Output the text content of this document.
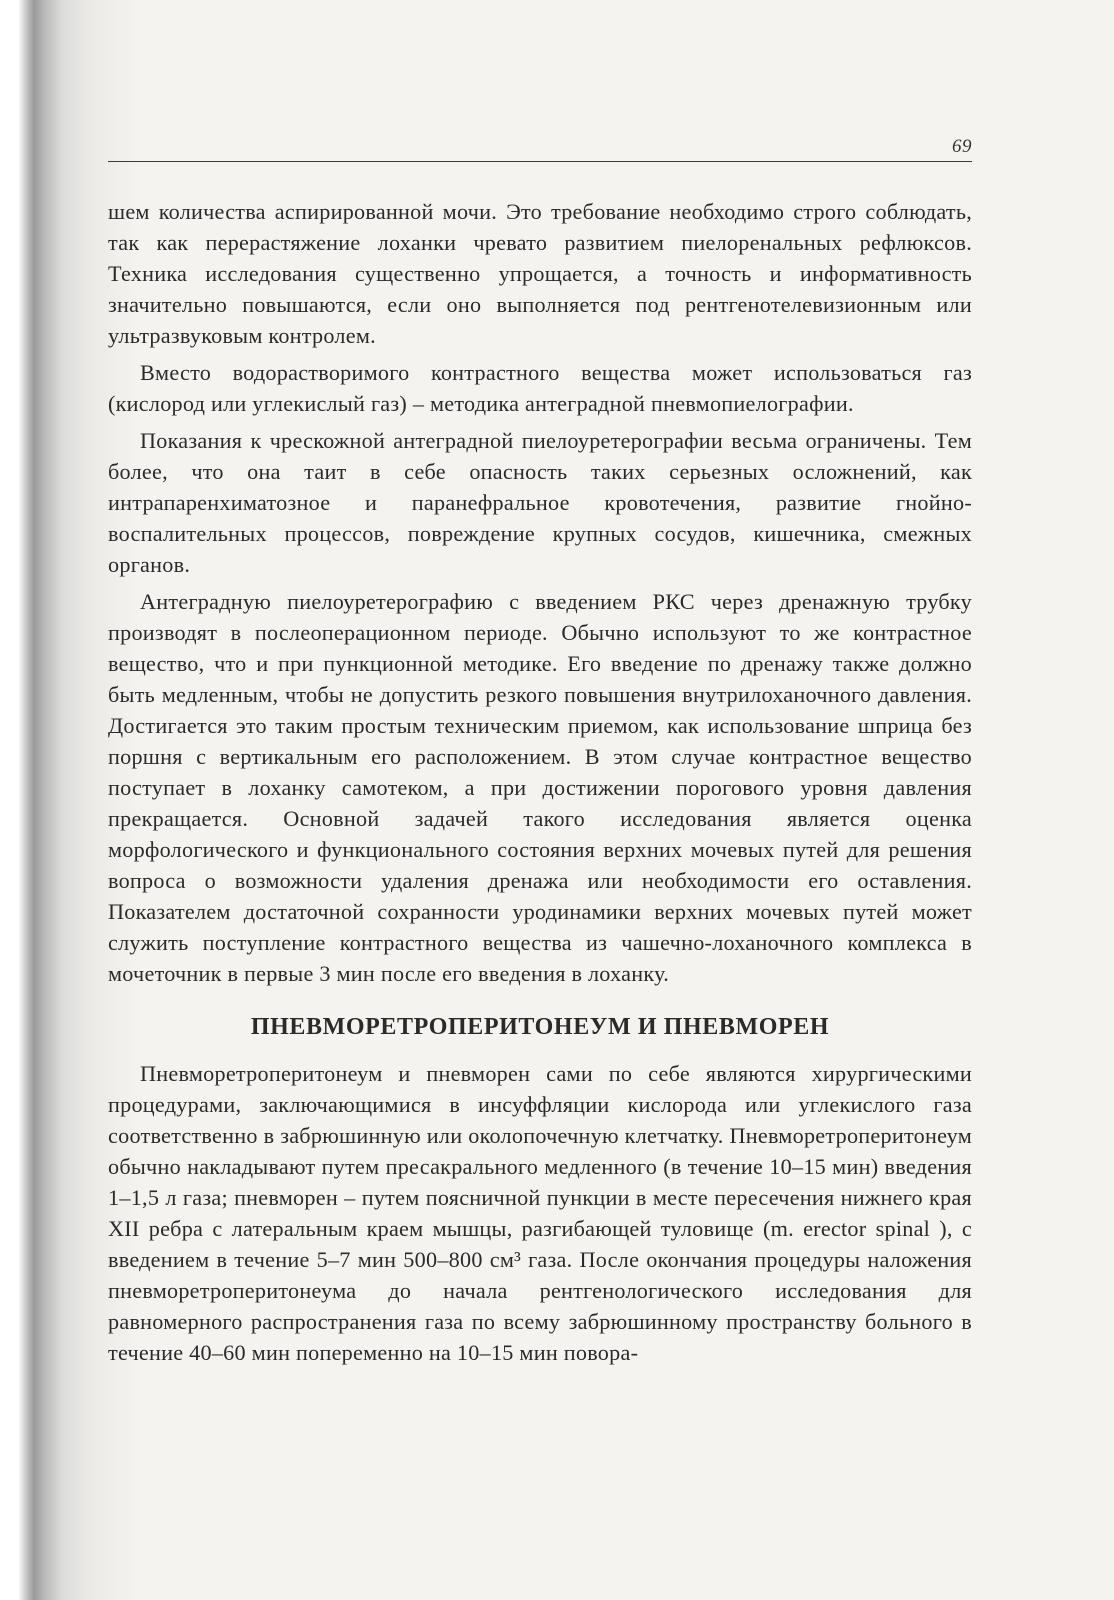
69

шем количества аспирированной мочи. Это требование необходимо строго соблюдать, так как перерастяжение лоханки чревато развитием пиелоренальных рефлюксов. Техника исследования существенно упрощается, а точность и информативность значительно повышаются, если оно выполняется под рентгенотелевизионным или ультразвуковым контролем.

Вместо водорастворимого контрастного вещества может использоваться газ (кислород или углекислый газ) – методика антеградной пневмопиелографии.

Показания к чрескожной антеградной пиелоуретерографии весьма ограничены. Тем более, что она таит в себе опасность таких серьезных осложнений, как интрапаренхиматозное и паранефральное кровотечения, развитие гнойно-воспалительных процессов, повреждение крупных сосудов, кишечника, смежных органов.

Антеградную пиелоуретерографию с введением РКС через дренажную трубку производят в послеоперационном периоде. Обычно используют то же контрастное вещество, что и при пункционной методике. Его введение по дренажу также должно быть медленным, чтобы не допустить резкого повышения внутрилоханочного давления. Достигается это таким простым техническим приемом, как использование шприца без поршня с вертикальным его расположением. В этом случае контрастное вещество поступает в лоханку самотеком, а при достижении порогового уровня давления прекращается. Основной задачей такого исследования является оценка морфологического и функционального состояния верхних мочевых путей для решения вопроса о возможности удаления дренажа или необходимости его оставления. Показателем достаточной сохранности уродинамики верхних мочевых путей может служить поступление контрастного вещества из чашечно-лоханочного комплекса в мочеточник в первые 3 мин после его введения в лоханку.

ПНЕВМОРЕТРОПЕРИТОНЕУМ И ПНЕВМОРЕН

Пневморетроперитонеум и пневморен сами по себе являются хирургическими процедурами, заключающимися в инсуффляции кислорода или углекислого газа соответственно в забрюшинную или околопочечную клетчатку. Пневморетроперитонеум обычно накладывают путем пресакрального медленного (в течение 10–15 мин) введения 1–1,5 л газа; пневморен – путем поясничной пункции в месте пересечения нижнего края XII ребра с латеральным краем мышцы, разгибающей туловище (m. erector spinal ), с введением в течение 5–7 мин 500–800 см³ газа. После окончания процедуры наложения пневморетроперитонеума до начала рентгенологического исследования для равномерного распространения газа по всему забрюшинному пространству больного в течение 40–60 мин попеременно на 10–15 мин повора-
